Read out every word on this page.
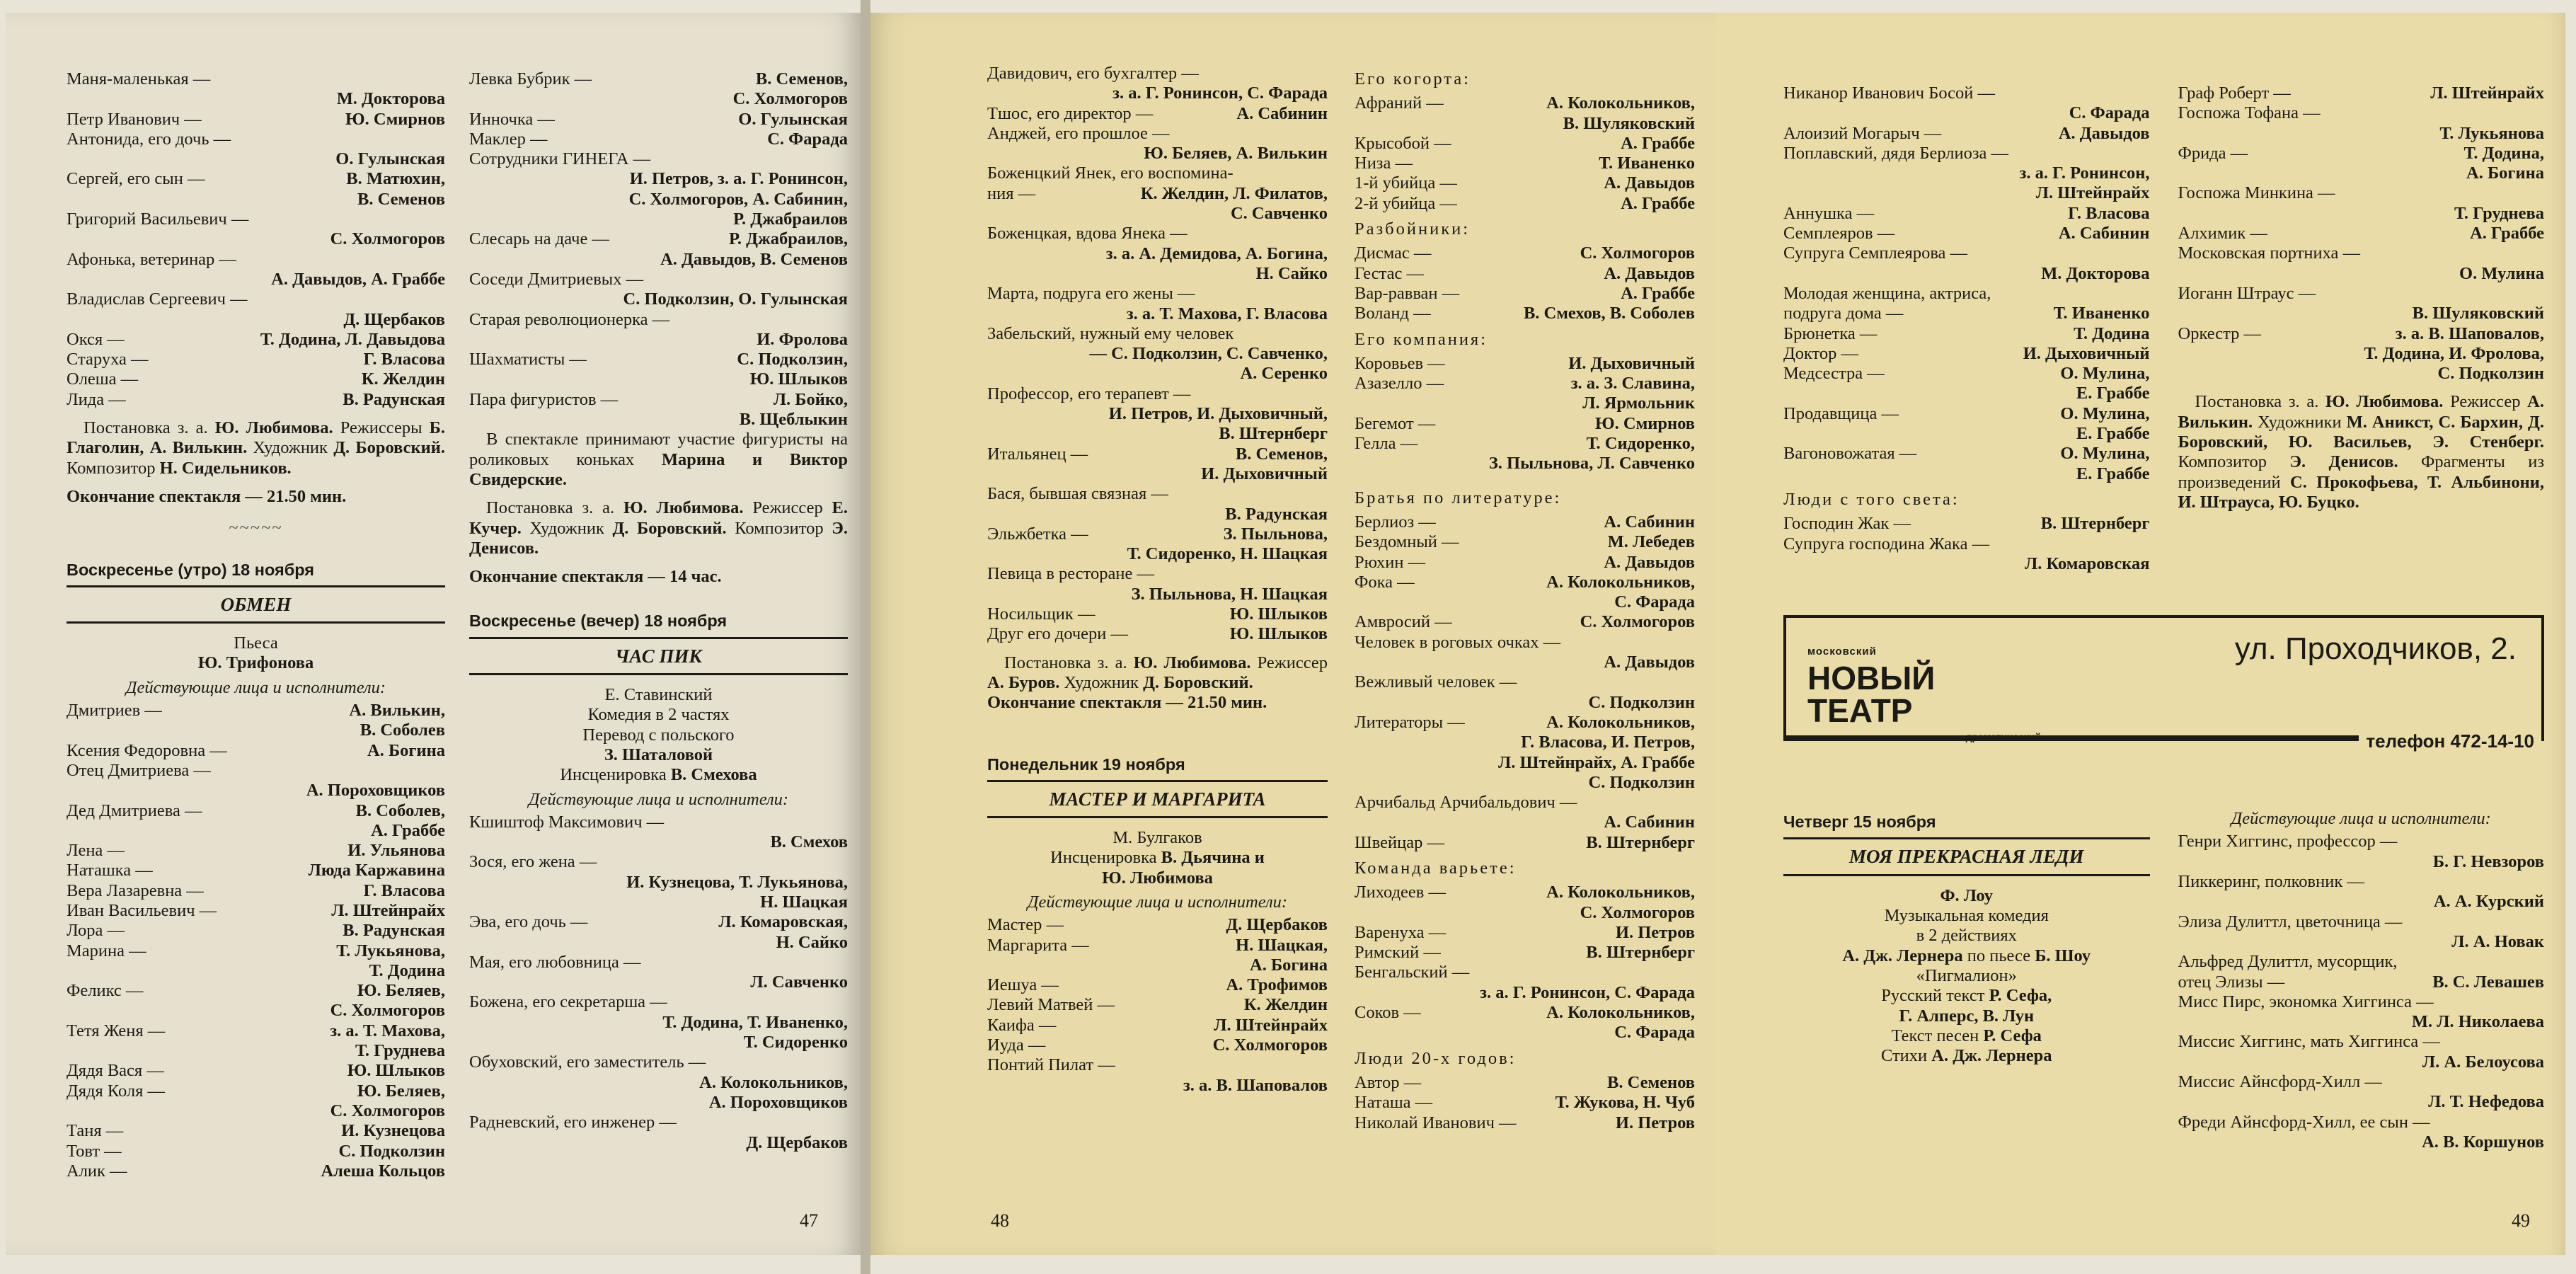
Маня-маленькая —
М. Докторова
Петр Иванович —	Ю. Смирнов
Антонида, его дочь —
О. Гулынская
Сергей, его сын —	В. Матюхин,
В. Семенов
Григорий Васильевич —
С. Холмогоров
Афонька, ветеринар —
А. Давыдов, А. Граббе
Владислав Сергеевич —
Д. Щербаков
Окся —	Т. Додина, Л. Давыдова
Старуха —	Г. Власова
Олеша —	К. Желдин
Лида —	В. Радунская
Постановка з. а. Ю. Любимова. Режиссеры Б. Глаголин, А. Вилькин. Художник Д. Боровский. Композитор Н. Сидельников.
Окончание спектакля — 21.50 мин.
~~~~~
Воскресенье (утро) 18 ноября
ОБМЕН
Пьеса
Ю. Трифонова
Действующие лица и исполнители:
Дмитриев —	А. Вилькин,
В. Соболев
Ксения Федоровна —	А. Богина
Отец Дмитриева —
А. Пороховщиков
Дед Дмитриева —	В. Соболев,
А. Граббе
Лена —	И. Ульянова
Наташка —	Люда Каржавина
Вера Лазаревна —	Г. Власова
Иван Васильевич —	Л. Штейнрайх
Лора —	В. Радунская
Марина —	Т. Лукьянова,
Т. Додина
Феликс —	Ю. Беляев,
С. Холмогоров
Тетя Женя —	з. а. Т. Махова,
Т. Груднева
Дядя Вася —	Ю. Шлыков
Дядя Коля —	Ю. Беляев,
С. Холмогоров
Таня —	И. Кузнецова
Товт —	С. Подколзин
Алик —	Алеша Кольцов
Левка Бубрик —	В. Семенов,
С. Холмогоров
Инночка —	О. Гулынская
Маклер —	С. Фарада
Сотрудники ГИНЕГА —
И. Петров, з. а. Г. Ронинсон,
С. Холмогоров, А. Сабинин,
Р. Джабраилов
Слесарь на даче —	Р. Джабраилов,
А. Давыдов, В. Семенов
Соседи Дмитриевых —
С. Подколзин, О. Гулынская
Старая революционерка —
И. Фролова
Шахматисты —	С. Подколзин,
Ю. Шлыков
Пара фигуристов —	Л. Бойко,
В. Щеблыкин
В спектакле принимают участие фигуристы на роликовых коньках Марина и Виктор Свидерские.
Постановка з. а. Ю. Любимова. Режиссер Е. Кучер. Художник Д. Боровский. Композитор Э. Денисов.
Окончание спектакля — 14 час.
Воскресенье (вечер) 18 ноября
ЧАС ПИК
Е. Ставинский
Комедия в 2 частях
Перевод с польского
З. Шаталовой
Инсценировка В. Смехова
Действующие лица и исполнители:
Кшиштоф Максимович —
В. Смехов
Зося, его жена —
И. Кузнецова, Т. Лукьянова,
Н. Шацкая
Эва, его дочь —	Л. Комаровская,
Н. Сайко
Мая, его любовница —
Л. Савченко
Божена, его секретарша —
Т. Додина, Т. Иваненко,
Т. Сидоренко
Обуховский, его заместитель —
А. Колокольников,
А. Пороховщиков
Радневский, его инженер —
Д. Щербаков
47
Давидович, его бухгалтер —
з. а. Г. Ронинсон, С. Фарада
Тшос, его директор —	А. Сабинин
Анджей, его прошлое —
Ю. Беляев, А. Вилькин
Боженцкий Янек, его воспомина-
ния —	К. Желдин, Л. Филатов,
С. Савченко
Боженцкая, вдова Янека —
з. а. А. Демидова, А. Богина,
Н. Сайко
Марта, подруга его жены —
з. а. Т. Махова, Г. Власова
Забельский, нужный ему человек
— С. Подколзин, С. Савченко,
А. Серенко
Профессор, его терапевт —
И. Петров, И. Дыховичный,
В. Штернберг
Итальянец —	В. Семенов,
И. Дыховичный
Бася, бывшая связная —
В. Радунская
Эльжбетка —	З. Пыльнова,
Т. Сидоренко, Н. Шацкая
Певица в ресторане —
З. Пыльнова, Н. Шацкая
Носильщик —	Ю. Шлыков
Друг его дочери —	Ю. Шлыков
Постановка з. а. Ю. Любимова. Режиссер А. Буров. Художник Д. Боровский.
Окончание спектакля — 21.50 мин.
Понедельник 19 ноября
МАСТЕР И МАРГАРИТА
М. Булгаков
Инсценировка В. Дьячина и
Ю. Любимова
Действующие лица и исполнители:
Мастер —	Д. Щербаков
Маргарита —	Н. Шацкая,
А. Богина
Иешуа —	А. Трофимов
Левий Матвей —	К. Желдин
Каифа —	Л. Штейнрайх
Иуда —	С. Холмогоров
Понтий Пилат —
з. а. В. Шаповалов
Его когорта:
Афраний —	А. Колокольников,
В. Шуляковский
Крысобой —	А. Граббе
Низа —	Т. Иваненко
1-й убийца —	А. Давыдов
2-й убийца —	А. Граббе
Разбойники:
Дисмас —	С. Холмогоров
Гестас —	А. Давыдов
Вар-равван —	А. Граббе
Воланд —	В. Смехов, В. Соболев
Его компания:
Коровьев —	И. Дыховичный
Азазелло —	з. а. З. Славина,
Л. Ярмольник
Бегемот —	Ю. Смирнов
Гелла —	Т. Сидоренко,
З. Пыльнова, Л. Савченко
Братья по литературе:
Берлиоз —	А. Сабинин
Бездомный —	М. Лебедев
Рюхин —	А. Давыдов
Фока —	А. Колокольников,
С. Фарада
Амвросий —	С. Холмогоров
Человек в роговых очках —
А. Давыдов
Вежливый человек —
С. Подколзин
Литераторы —	А. Колокольников,
Г. Власова, И. Петров,
Л. Штейнрайх, А. Граббе
С. Подколзин
Арчибальд Арчибальдович —
А. Сабинин
Швейцар —	В. Штернберг
Команда варьете:
Лиходеев —	А. Колокольников,
С. Холмогоров
Варенуха —	И. Петров
Римский —	В. Штернберг
Бенгальский —
з. а. Г. Ронинсон, С. Фарада
Соков —	А. Колокольников,
С. Фарада
Люди 20-х годов:
Автор —	В. Семенов
Наташа —	Т. Жукова, Н. Чуб
Николай Иванович —	И. Петров
48
Никанор Иванович Босой —
С. Фарада
Алоизий Могарыч —	А. Давыдов
Поплавский, дядя Берлиоза —
з. а. Г. Ронинсон,
Л. Штейнрайх
Аннушка —	Г. Власова
Семплеяров —	А. Сабинин
Супруга Семплеярова —
М. Докторова
Молодая женщина, актриса,
подруга дома —	Т. Иваненко
Брюнетка —	Т. Додина
Доктор —	И. Дыховичный
Медсестра —	О. Мулина,
Е. Граббе
Продавщица —	О. Мулина,
Е. Граббе
Вагоновожатая —	О. Мулина,
Е. Граббе
Люди с того света:
Господин Жак —	В. Штернберг
Супруга господина Жака —
Л. Комаровская
Граф Роберт —	Л. Штейнрайх
Госпожа Тофана —
Т. Лукьянова
Фрида —	Т. Додина,
А. Богина
Госпожа Минкина —
Т. Груднева
Алхимик —	А. Граббе
Московская портниха —
О. Мулина
Иоганн Штраус —
В. Шуляковский
Оркестр —	з. а. В. Шаповалов,
Т. Додина, И. Фролова,
С. Подколзин
Постановка з. а. Ю. Любимова. Режиссер А. Вилькин. Художники М. Аникст, С. Бархин, Д. Боровский, Ю. Васильев, Э. Стенберг. Композитор Э. Денисов. Фрагменты из произведений С. Прокофьева, Т. Альбинони, И. Штрауса, Ю. Буцко.
московский
НОВЫЙ ТЕАТР
ул. Проходчиков, 2.
телефон 472-14-10
Четверг 15 ноября
МОЯ ПРЕКРАСНАЯ ЛЕДИ
Ф. Лоу
Музыкальная комедия
в 2 действиях
А. Дж. Лернера по пьесе Б. Шоу
«Пигмалион»
Русский текст Р. Сефа,
Г. Алперс, В. Лун
Текст песен Р. Сефа
Стихи А. Дж. Лернера
Действующие лица и исполнители:
Генри Хиггинс, профессор —
Б. Г. Невзоров
Пиккеринг, полковник —
А. А. Курский
Элиза Дулиттл, цветочница —
Л. А. Новак
Альфред Дулиттл, мусорщик,
отец Элизы —	В. С. Левашев
Мисс Пирс, экономка Хиггинса —
М. Л. Николаева
Миссис Хиггинс, мать Хиггинса —
Л. А. Белоусова
Миссис Айнсфорд-Хилл —
Л. Т. Нефедова
Фреди Айнсфорд-Хилл, ее сын —
А. В. Коршунов
49
